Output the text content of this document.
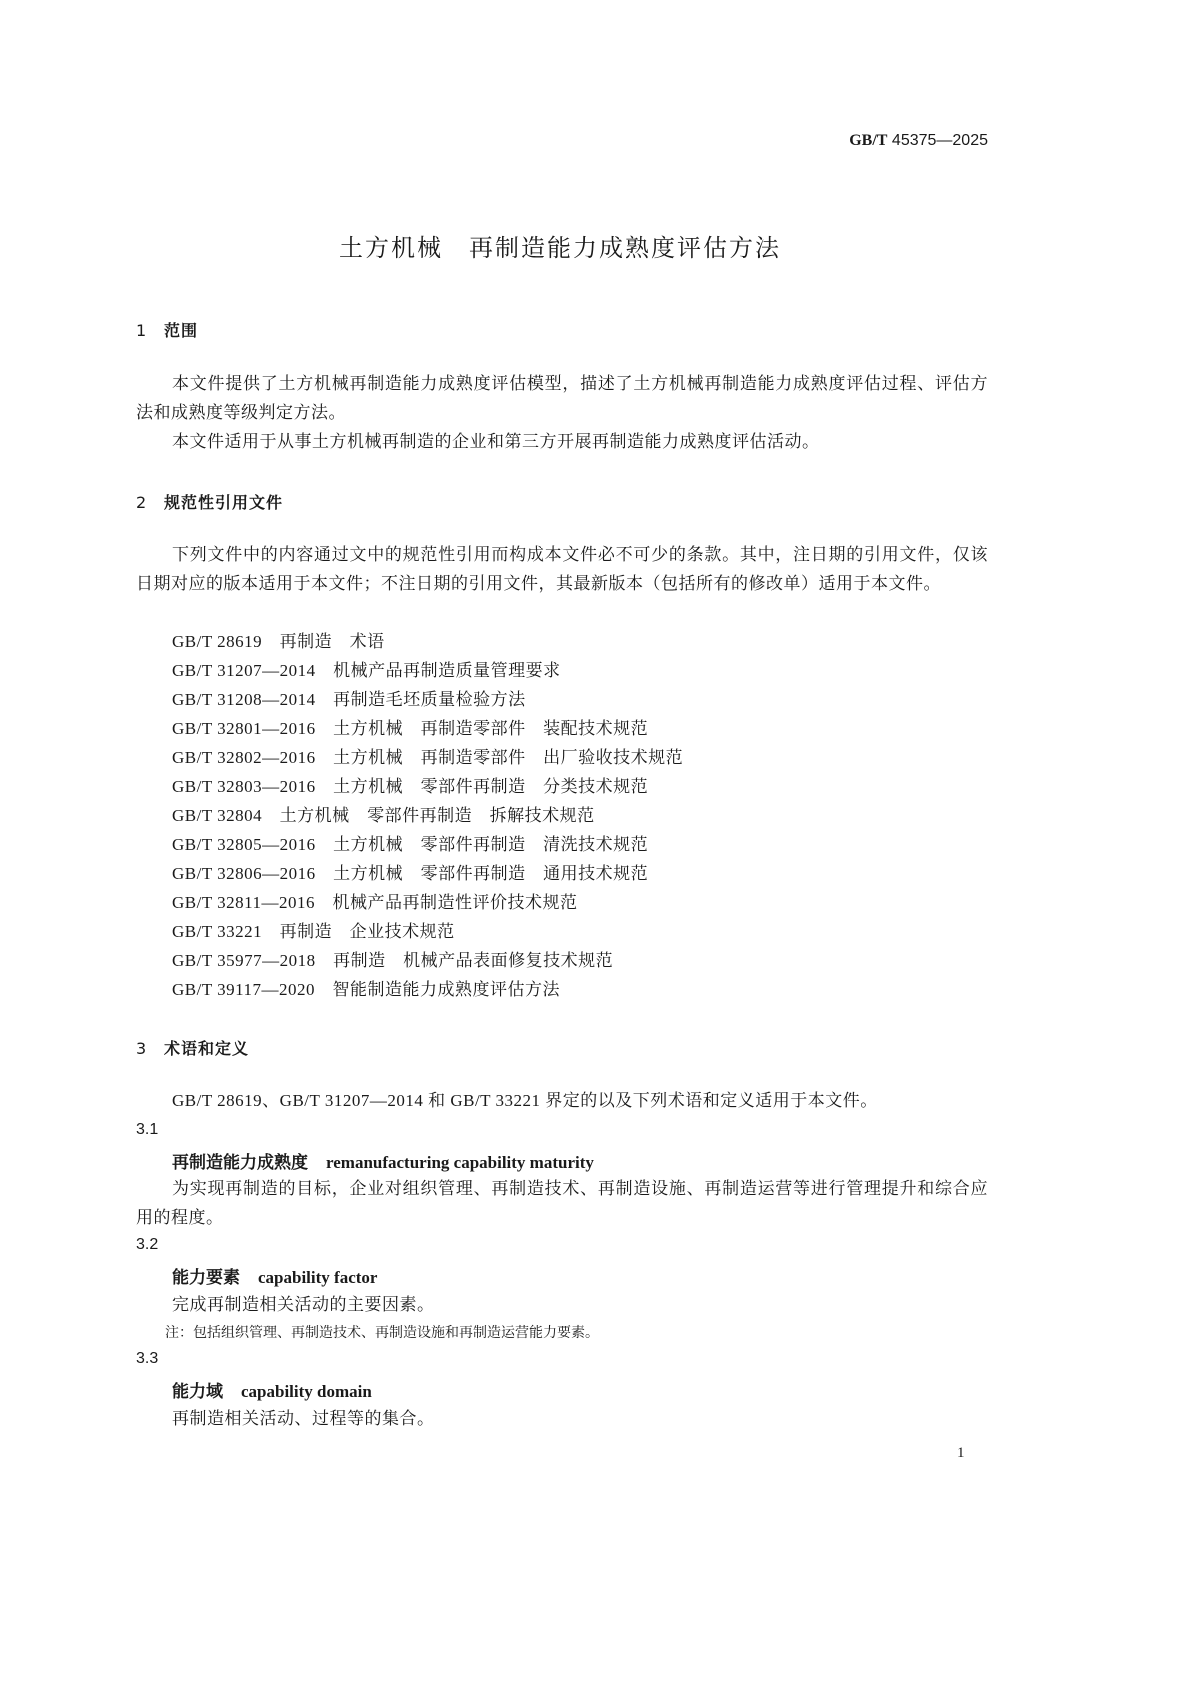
GB/T 45375—2025
土方机械　再制造能力成熟度评估方法
1 范围
本文件提供了土方机械再制造能力成熟度评估模型，描述了土方机械再制造能力成熟度评估过程、评估方法和成熟度等级判定方法。
本文件适用于从事土方机械再制造的企业和第三方开展再制造能力成熟度评估活动。
2 规范性引用文件
下列文件中的内容通过文中的规范性引用而构成本文件必不可少的条款。其中，注日期的引用文件，仅该日期对应的版本适用于本文件；不注日期的引用文件，其最新版本（包括所有的修改单）适用于本文件。
GB/T 28619　再制造　术语
GB/T 31207—2014　机械产品再制造质量管理要求
GB/T 31208—2014　再制造毛坯质量检验方法
GB/T 32801—2016　土方机械　再制造零部件　装配技术规范
GB/T 32802—2016　土方机械　再制造零部件　出厂验收技术规范
GB/T 32803—2016　土方机械　零部件再制造　分类技术规范
GB/T 32804　土方机械　零部件再制造　拆解技术规范
GB/T 32805—2016　土方机械　零部件再制造　清洗技术规范
GB/T 32806—2016　土方机械　零部件再制造　通用技术规范
GB/T 32811—2016　机械产品再制造性评价技术规范
GB/T 33221　再制造　企业技术规范
GB/T 35977—2018　再制造　机械产品表面修复技术规范
GB/T 39117—2020　智能制造能力成熟度评估方法
3 术语和定义
GB/T 28619、GB/T 31207—2014 和 GB/T 33221 界定的以及下列术语和定义适用于本文件。
3.1
再制造能力成熟度 remanufacturing capability maturity
为实现再制造的目标，企业对组织管理、再制造技术、再制造设施、再制造运营等进行管理提升和综合应用的程度。
3.2
能力要素 capability factor
完成再制造相关活动的主要因素。
注：包括组织管理、再制造技术、再制造设施和再制造运营能力要素。
3.3
能力域 capability domain
再制造相关活动、过程等的集合。
1
